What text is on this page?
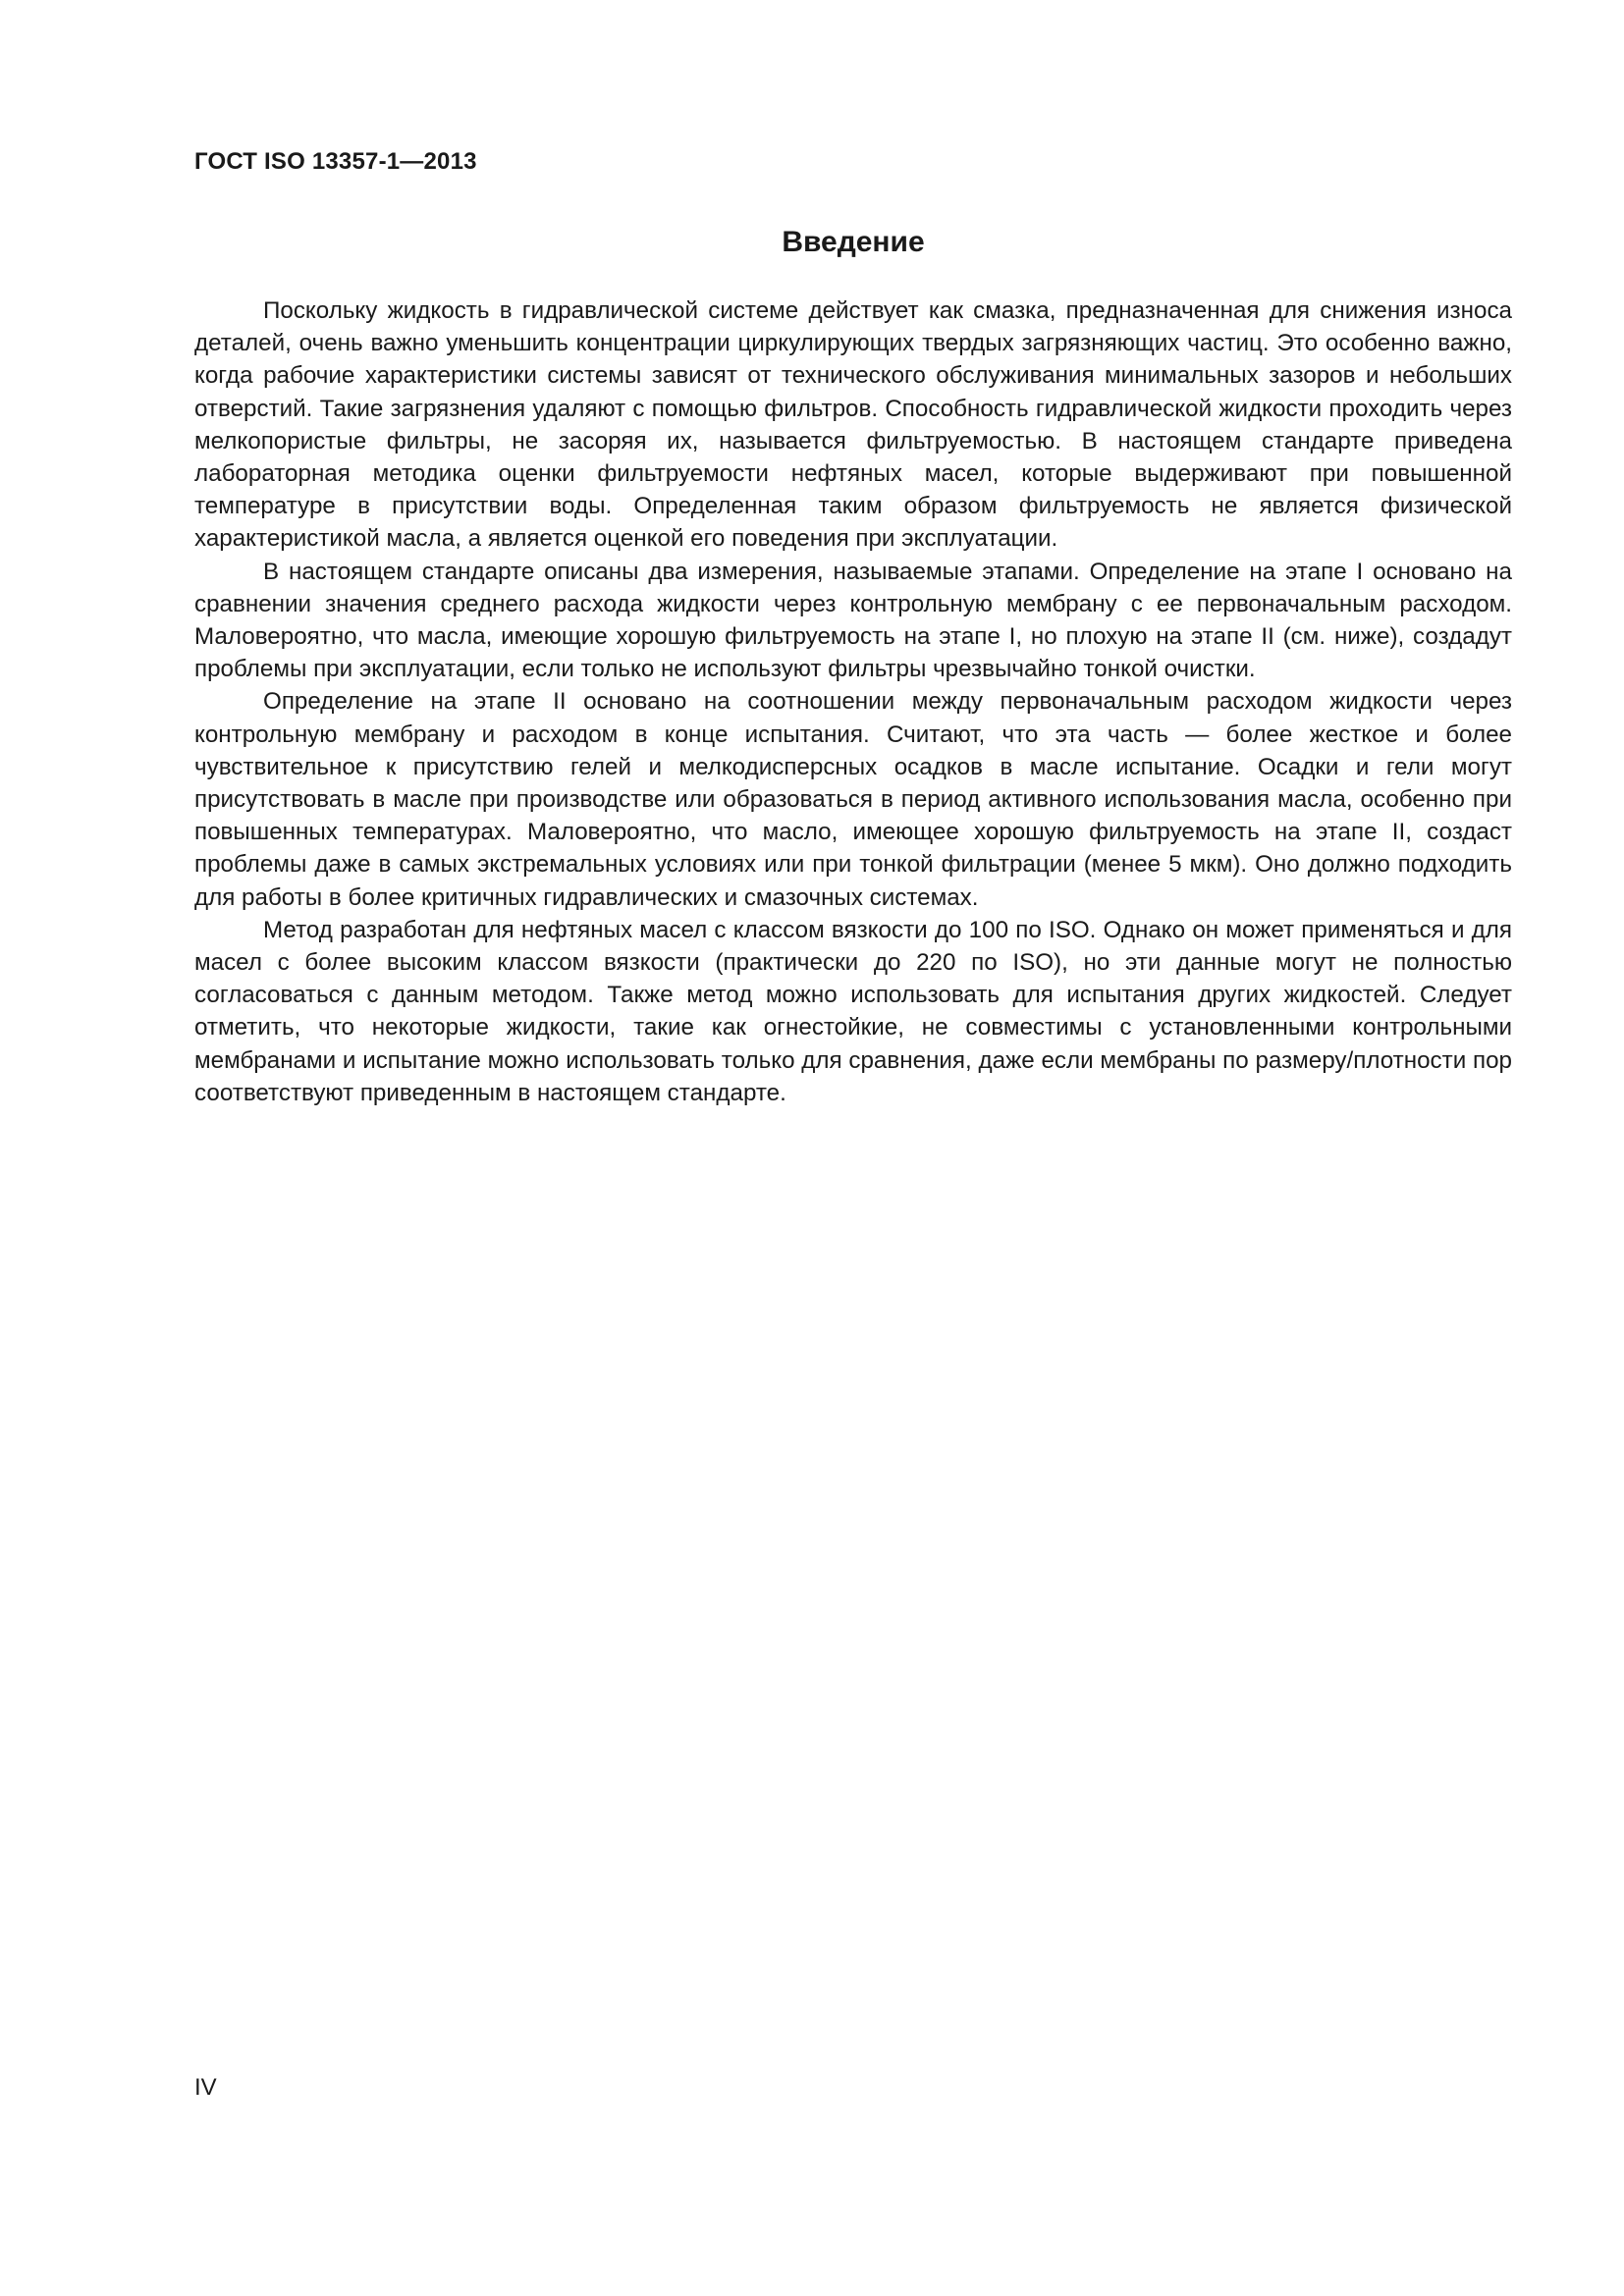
ГОСТ ISO 13357-1—2013
Введение

Поскольку жидкость в гидравлической системе действует как смазка, предназначенная для снижения износа деталей, очень важно уменьшить концентрации циркулирующих твердых загрязняющих частиц. Это особенно важно, когда рабочие характеристики системы зависят от технического обслуживания минимальных зазоров и небольших отверстий. Такие загрязнения удаляют с помощью фильтров. Способность гидравлической жидкости проходить через мелкопористые фильтры, не засоряя их, называется фильтруемостью. В настоящем стандарте приведена лабораторная методика оценки фильтруемости нефтяных масел, которые выдерживают при повышенной температуре в присутствии воды. Определенная таким образом фильтруемость не является физической характеристикой масла, а является оценкой его поведения при эксплуатации.

В настоящем стандарте описаны два измерения, называемые этапами. Определение на этапе I основано на сравнении значения среднего расхода жидкости через контрольную мембрану с ее первоначальным расходом. Маловероятно, что масла, имеющие хорошую фильтруемость на этапе I, но плохую на этапе II (см. ниже), создадут проблемы при эксплуатации, если только не используют фильтры чрезвычайно тонкой очистки.

Определение на этапе II основано на соотношении между первоначальным расходом жидкости через контрольную мембрану и расходом в конце испытания. Считают, что эта часть — более жесткое и более чувствительное к присутствию гелей и мелкодисперсных осадков в масле испытание. Осадки и гели могут присутствовать в масле при производстве или образоваться в период активного использования масла, особенно при повышенных температурах. Маловероятно, что масло, имеющее хорошую фильтруемость на этапе II, создаст проблемы даже в самых экстремальных условиях или при тонкой фильтрации (менее 5 мкм). Оно должно подходить для работы в более критичных гидравлических и смазочных системах.

Метод разработан для нефтяных масел с классом вязкости до 100 по ISO. Однако он может применяться и для масел с более высоким классом вязкости (практически до 220 по ISO), но эти данные могут не полностью согласоваться с данным методом. Также метод можно использовать для испытания других жидкостей. Следует отметить, что некоторые жидкости, такие как огнестойкие, не совместимы с установленными контрольными мембранами и испытание можно использовать только для сравнения, даже если мембраны по размеру/плотности пор соответствуют приведенным в настоящем стандарте.

IV
